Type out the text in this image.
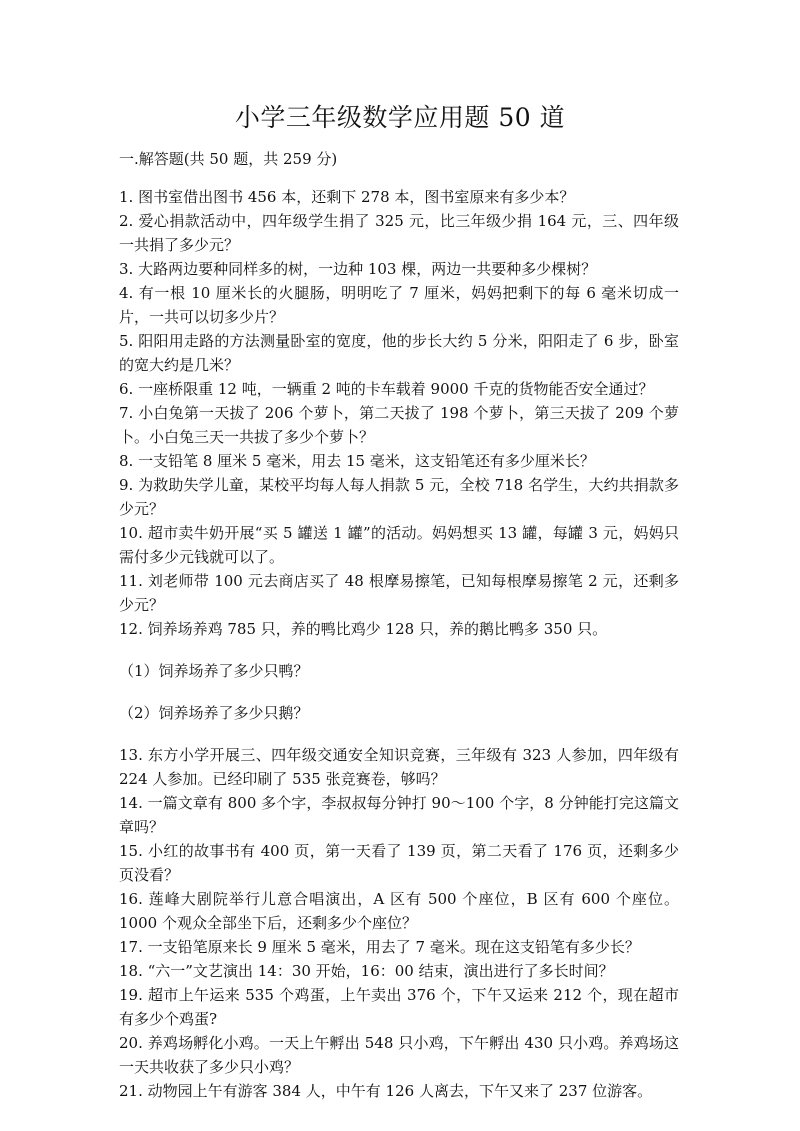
小学三年级数学应用题 50 道
一.解答题(共 50 题，共 259 分)

1. 图书室借出图书 456 本，还剩下 278 本，图书室原来有多少本？

2. 爱心捐款活动中，四年级学生捐了 325 元，比三年级少捐 164 元，三、四年级一共捐了多少元？

3. 大路两边要种同样多的树，一边种 103 棵，两边一共要种多少棵树？

4. 有一根 10 厘米长的火腿肠，明明吃了 7 厘米，妈妈把剩下的每 6 毫米切成一片，一共可以切多少片？

5. 阳阳用走路的方法测量卧室的宽度，他的步长大约 5 分米，阳阳走了 6 步，卧室的宽大约是几米？

6. 一座桥限重 12 吨，一辆重 2 吨的卡车载着 9000 千克的货物能否安全通过？

7. 小白兔第一天拔了 206 个萝卜，第二天拔了 198 个萝卜，第三天拔了 209 个萝卜。小白兔三天一共拔了多少个萝卜？

8. 一支铅笔 8 厘米 5 毫米，用去 15 毫米，这支铅笔还有多少厘米长？

9. 为救助失学儿童，某校平均每人每人捐款 5 元，全校 718 名学生，大约共捐款多少元？

10. 超市卖牛奶开展“买 5 罐送 1 罐”的活动。妈妈想买 13 罐，每罐 3 元，妈妈只需付多少元钱就可以了。

11. 刘老师带 100 元去商店买了 48 根摩易擦笔，已知每根摩易擦笔 2 元，还剩多少元？

12. 饲养场养鸡 785 只，养的鸭比鸡少 128 只，养的鹅比鸭多 350 只。

（1）饲养场养了多少只鸭？

（2）饲养场养了多少只鹅？

13. 东方小学开展三、四年级交通安全知识竞赛，三年级有 323 人参加，四年级有 224 人参加。已经印刷了 535 张竞赛卷，够吗？

14. 一篇文章有 800 多个字，李叔叔每分钟打 90～100 个字，8 分钟能打完这篇文章吗？

15. 小红的故事书有 400 页，第一天看了 139 页，第二天看了 176 页，还剩多少页没看？

16. 莲峰大剧院举行儿意合唱演出，A 区有 500 个座位，B 区有 600 个座位。1000 个观众全部坐下后，还剩多少个座位？

17. 一支铅笔原来长 9 厘米 5 毫米，用去了 7 毫米。现在这支铅笔有多少长？

18. “六一”文艺演出 14：30 开始，16：00 结束，演出进行了多长时间？

19. 超市上午运来 535 个鸡蛋，上午卖出 376 个，下午又运来 212 个，现在超市有多少个鸡蛋?

20. 养鸡场孵化小鸡。一天上午孵出 548 只小鸡，下午孵出 430 只小鸡。养鸡场这一天共收获了多少只小鸡？

21. 动物园上午有游客 384 人，中午有 126 人离去，下午又来了 237 位游客。
